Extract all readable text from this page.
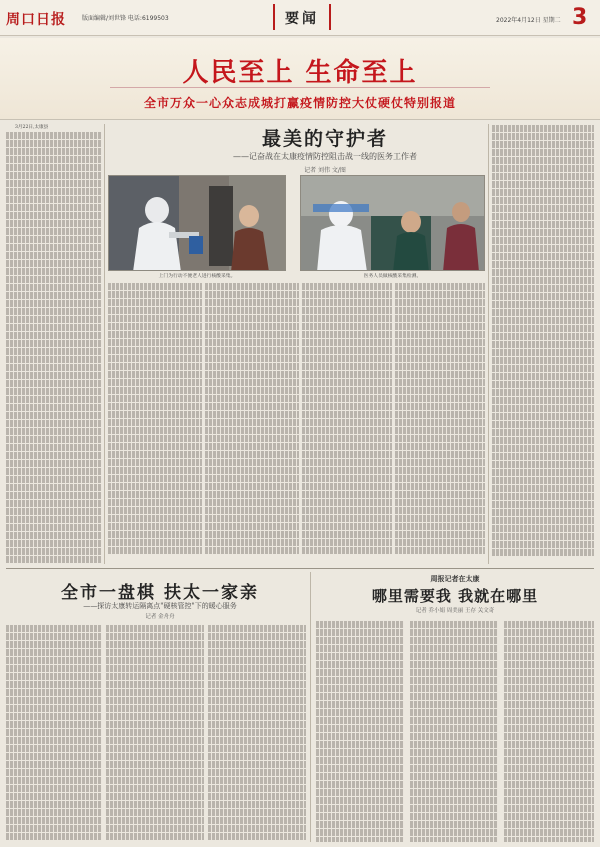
周口日报	版面编辑/刘世锋 电话:6199503	要闻	2022年4月12日 星期二 3
人民至上 生命至上
全市万众一心众志成城打赢疫情防控大仗硬仗特别报道

3月22日,太康县

最美的守护者
——记奋战在太康疫情防控阻击战一线的医务工作者
记者 刘伟 文/图
上门为行动不便老人进行核酸采集。	医务人员做核酸采集检测。
全市一盘棋 扶太一家亲
——探访太康转运隔离点"硬核管控"下的暖心服务
记者 金舟舟
周报记者在太康
哪里需要我 我就在哪里
记者 乔小娟 周美丽 王存 关文奇
